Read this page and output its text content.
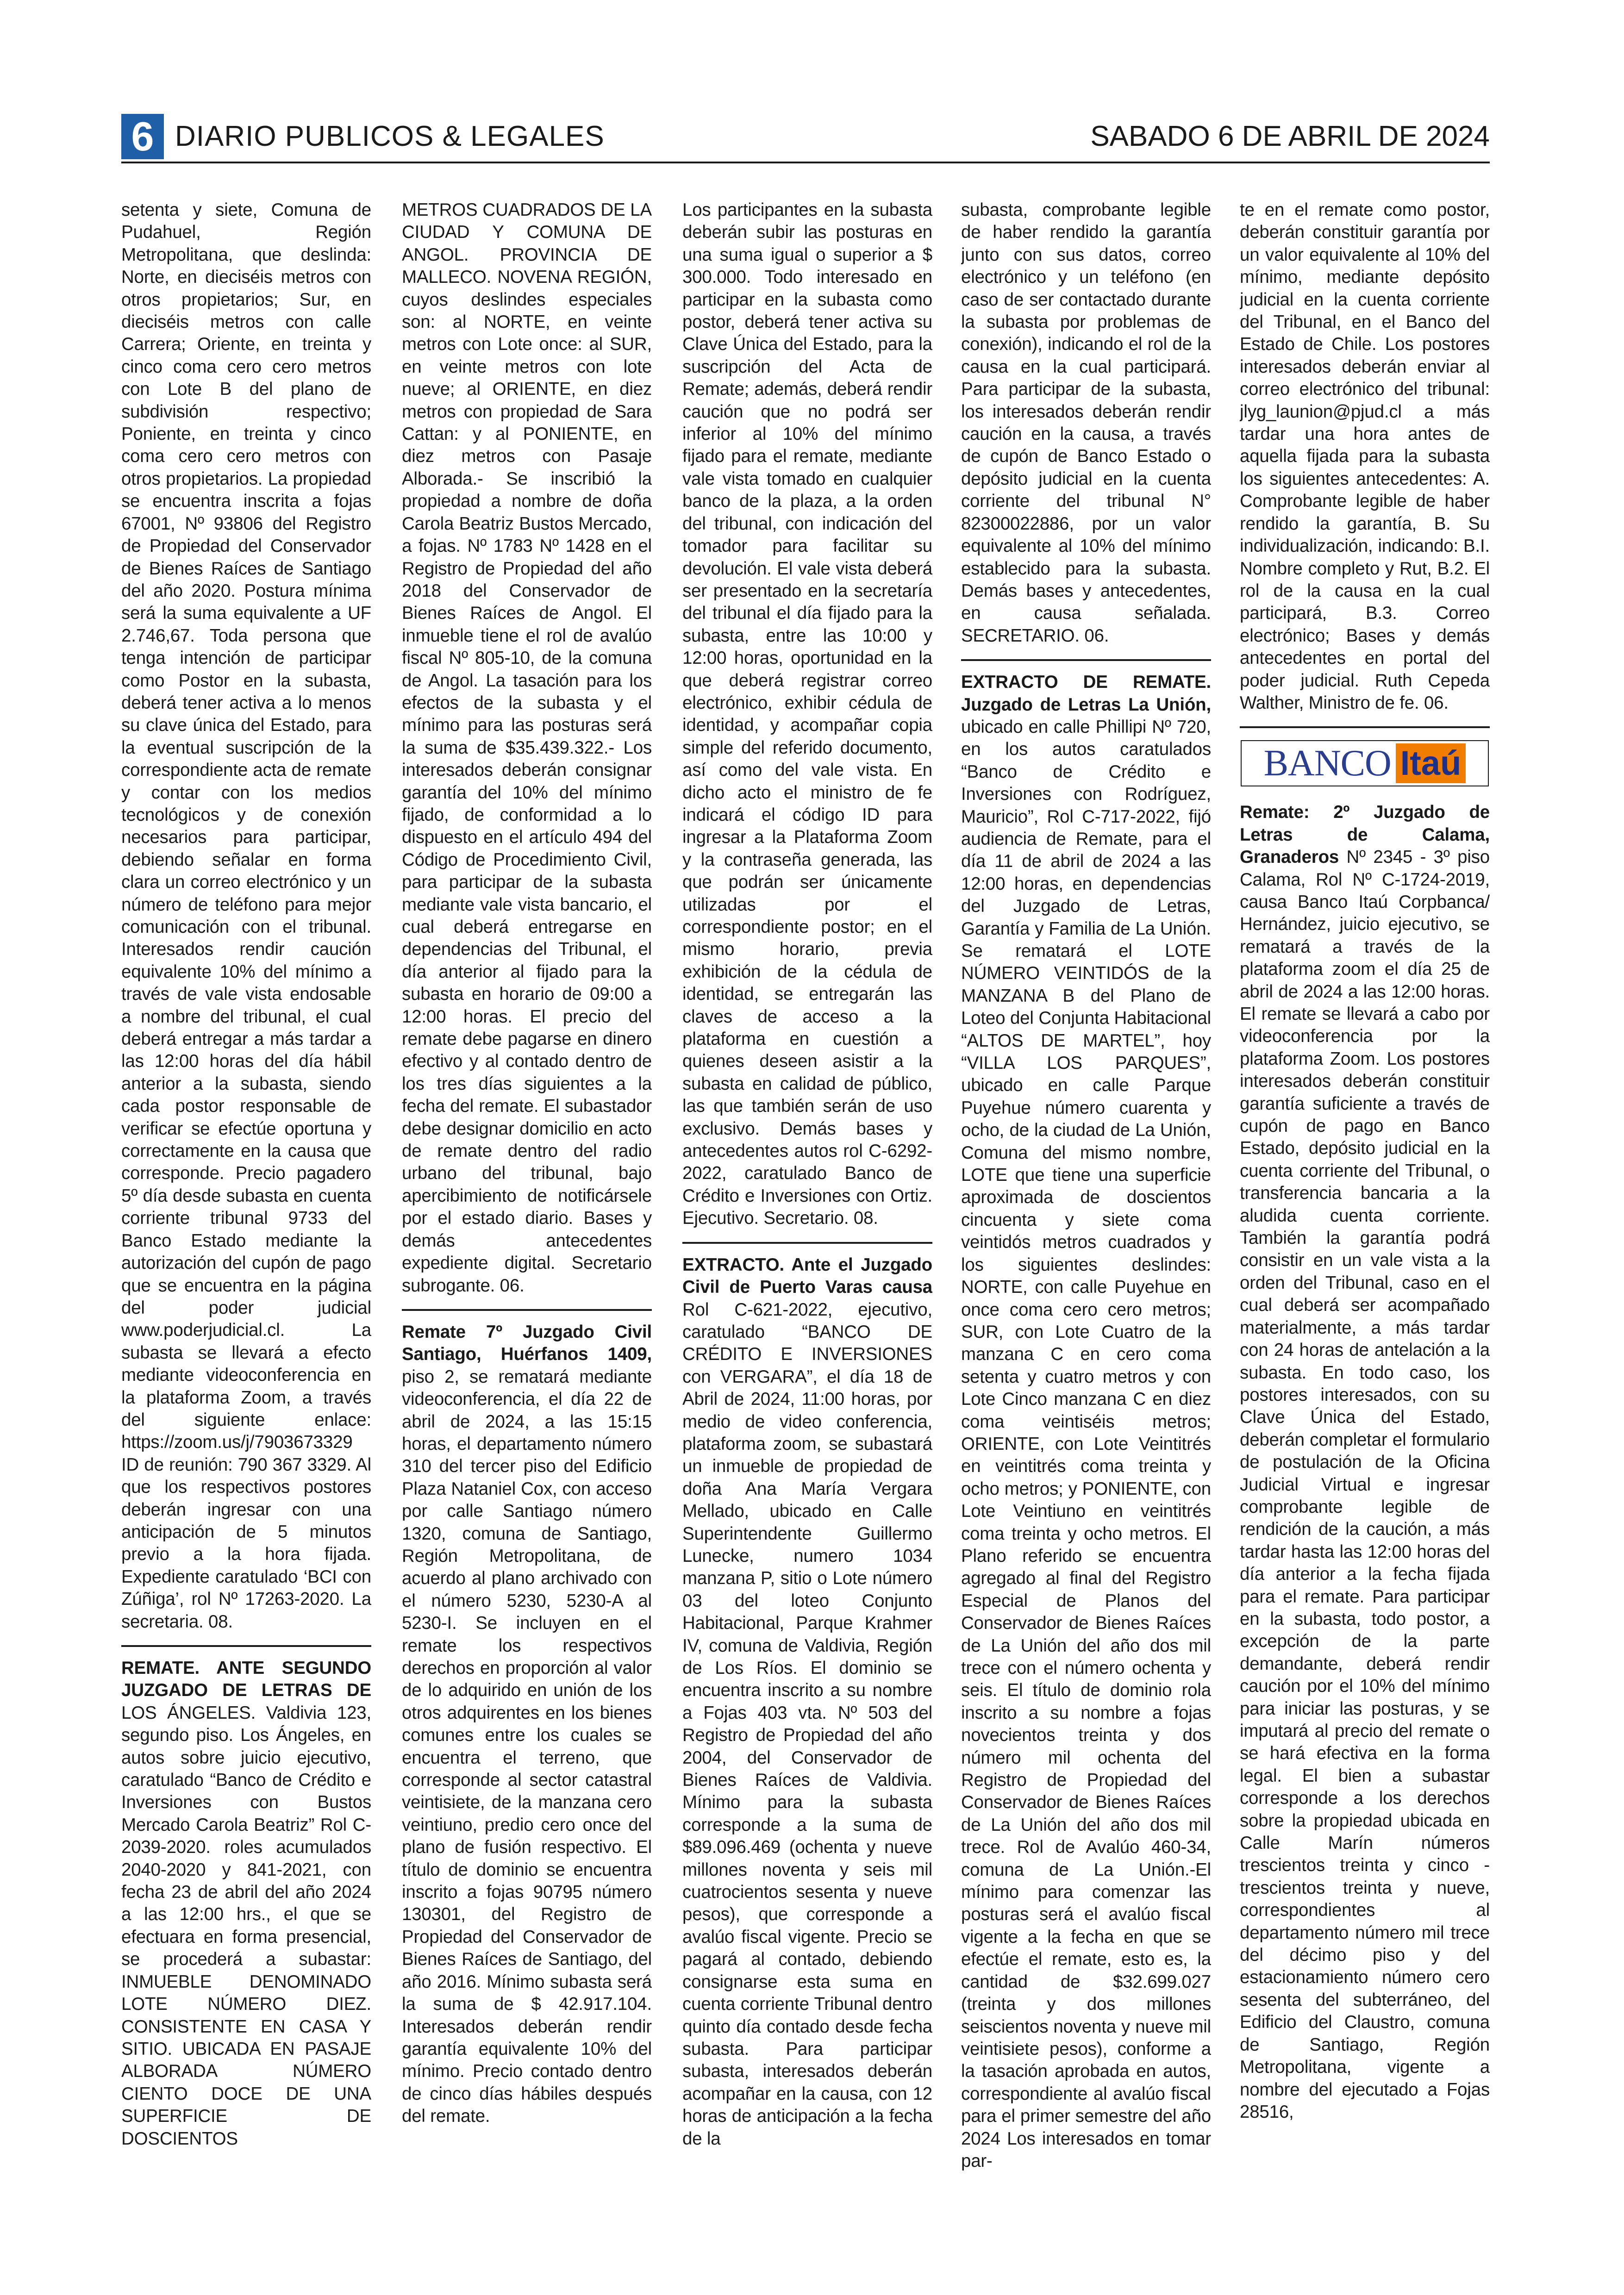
6 DIARIO PUBLICOS & LEGALES	SABADO 6 DE ABRIL DE 2024

setenta y siete, Comuna de Pudahuel, Región Metropolitana, que deslinda: Norte, en dieciséis metros con otros propietarios; Sur, en dieciséis metros con calle Carrera; Oriente, en treinta y cinco coma cero cero metros con Lote B del plano de subdivisión respectivo; Poniente, en treinta y cinco coma cero cero metros con otros propietarios. La propiedad se encuentra inscrita a fojas 67001, Nº 93806 del Registro de Propiedad del Conservador de Bienes Raíces de Santiago del año 2020. Postura mínima será la suma equivalente a UF 2.746,67. Toda persona que tenga intención de participar como Postor en la subasta, deberá tener activa a lo menos su clave única del Estado, para la eventual suscripción de la correspondiente acta de remate y contar con los medios tecnológicos y de conexión necesarios para participar, debiendo señalar en forma clara un correo electrónico y un número de teléfono para mejor comunicación con el tribunal. Interesados rendir caución equivalente 10% del mínimo a través de vale vista endosable a nombre del tribunal, el cual deberá entregar a más tardar a las 12:00 horas del día hábil anterior a la subasta, siendo cada postor responsable de verificar se efectúe oportuna y correctamente en la causa que corresponde. Precio pagadero 5º día desde subasta en cuenta corriente tribunal 9733 del Banco Estado mediante la autorización del cupón de pago que se encuentra en la página del poder judicial www.poderjudicial.cl. La subasta se llevará a efecto mediante videoconferencia en la plataforma Zoom, a través del siguiente enlace: https://zoom.us/j/7903673329 ID de reunión: 790 367 3329. Al que los respectivos postores deberán ingresar con una anticipación de 5 minutos previo a la hora fijada. Expediente caratulado ‘BCI con Zúñiga’, rol Nº 17263-2020. La secretaria. 08.

REMATE. ANTE SEGUNDO JUZGADO DE LETRAS DE LOS ÁNGELES. Valdivia 123, segundo piso. Los Ángeles, en autos sobre juicio ejecutivo, caratulado “Banco de Crédito e Inversiones con Bustos Mercado Carola Beatriz” Rol C-2039-2020. roles acumulados 2040-2020 y 841-2021, con fecha 23 de abril del año 2024 a las 12:00 hrs., el que se efectuara en forma presencial, se procederá a subastar: INMUEBLE DENOMINADO LOTE NÚMERO DIEZ. CONSISTENTE EN CASA Y SITIO. UBICADA EN PASAJE ALBORADA NÚMERO CIENTO DOCE DE UNA SUPERFICIE DE DOSCIENTOS

METROS CUADRADOS DE LA CIUDAD Y COMUNA DE ANGOL. PROVINCIA DE MALLECO. NOVENA REGIÓN, cuyos deslindes especiales son: al NORTE, en veinte metros con Lote once: al SUR, en veinte metros con lote nueve; al ORIENTE, en diez metros con propiedad de Sara Cattan: y al PONIENTE, en diez metros con Pasaje Alborada.- Se inscribió la propiedad a nombre de doña Carola Beatriz Bustos Mercado, a fojas. Nº 1783 Nº 1428 en el Registro de Propiedad del año 2018 del Conservador de Bienes Raíces de Angol. El inmueble tiene el rol de avalúo fiscal Nº 805-10, de la comuna de Angol. La tasación para los efectos de la subasta y el mínimo para las posturas será la suma de $35.439.322.- Los interesados deberán consignar garantía del 10% del mínimo fijado, de conformidad a lo dispuesto en el artículo 494 del Código de Procedimiento Civil, para participar de la subasta mediante vale vista bancario, el cual deberá entregarse en dependencias del Tribunal, el día anterior al fijado para la subasta en horario de 09:00 a 12:00 horas. El precio del remate debe pagarse en dinero efectivo y al contado dentro de los tres días siguientes a la fecha del remate. El subastador debe designar domicilio en acto de remate dentro del radio urbano del tribunal, bajo apercibimiento de notificársele por el estado diario. Bases y demás antecedentes expediente digital. Secretario subrogante. 06.

Remate 7º Juzgado Civil Santiago, Huérfanos 1409, piso 2, se rematará mediante videoconferencia, el día 22 de abril de 2024, a las 15:15 horas, el departamento número 310 del tercer piso del Edificio Plaza Nataniel Cox, con acceso por calle Santiago número 1320, comuna de Santiago, Región Metropolitana, de acuerdo al plano archivado con el número 5230, 5230-A al 5230-I. Se incluyen en el remate los respectivos derechos en proporción al valor de lo adquirido en unión de los otros adquirentes en los bienes comunes entre los cuales se encuentra el terreno, que corresponde al sector catastral veintisiete, de la manzana cero veintiuno, predio cero once del plano de fusión respectivo. El título de dominio se encuentra inscrito a fojas 90795 número 130301, del Registro de Propiedad del Conservador de Bienes Raíces de Santiago, del año 2016. Mínimo subasta será la suma de $ 42.917.104. Interesados deberán rendir garantía equivalente 10% del mínimo. Precio contado dentro de cinco días hábiles después del remate.

Los participantes en la subasta deberán subir las posturas en una suma igual o superior a $ 300.000. Todo interesado en participar en la subasta como postor, deberá tener activa su Clave Única del Estado, para la suscripción del Acta de Remate; además, deberá rendir caución que no podrá ser inferior al 10% del mínimo fijado para el remate, mediante vale vista tomado en cualquier banco de la plaza, a la orden del tribunal, con indicación del tomador para facilitar su devolución. El vale vista deberá ser presentado en la secretaría del tribunal el día fijado para la subasta, entre las 10:00 y 12:00 horas, oportunidad en la que deberá registrar correo electrónico, exhibir cédula de identidad, y acompañar copia simple del referido documento, así como del vale vista. En dicho acto el ministro de fe indicará el código ID para ingresar a la Plataforma Zoom y la contraseña generada, las que podrán ser únicamente utilizadas por el correspondiente postor; en el mismo horario, previa exhibición de la cédula de identidad, se entregarán las claves de acceso a la plataforma en cuestión a quienes deseen asistir a la subasta en calidad de público, las que también serán de uso exclusivo. Demás bases y antecedentes autos rol C-6292-2022, caratulado Banco de Crédito e Inversiones con Ortiz. Ejecutivo. Secretario. 08.

EXTRACTO. Ante el Juzgado Civil de Puerto Varas causa Rol C-621-2022, ejecutivo, caratulado “BANCO DE CRÉDITO E INVERSIONES con VERGARA”, el día 18 de Abril de 2024, 11:00 horas, por medio de video conferencia, plataforma zoom, se subastará un inmueble de propiedad de doña Ana María Vergara Mellado, ubicado en Calle Superintendente Guillermo Lunecke, numero 1034 manzana P, sitio o Lote número 03 del loteo Conjunto Habitacional, Parque Krahmer IV, comuna de Valdivia, Región de Los Ríos. El dominio se encuentra inscrito a su nombre a Fojas 403 vta. Nº 503 del Registro de Propiedad del año 2004, del Conservador de Bienes Raíces de Valdivia. Mínimo para la subasta corresponde a la suma de $89.096.469 (ochenta y nueve millones noventa y seis mil cuatrocientos sesenta y nueve pesos), que corresponde a avalúo fiscal vigente. Precio se pagará al contado, debiendo consignarse esta suma en cuenta corriente Tribunal dentro quinto día contado desde fecha subasta. Para participar subasta, interesados deberán acompañar en la causa, con 12 horas de anticipación a la fecha de la

subasta, comprobante legible de haber rendido la garantía junto con sus datos, correo electrónico y un teléfono (en caso de ser contactado durante la subasta por problemas de conexión), indicando el rol de la causa en la cual participará. Para participar de la subasta, los interesados deberán rendir caución en la causa, a través de cupón de Banco Estado o depósito judicial en la cuenta corriente del tribunal N° 82300022886, por un valor equivalente al 10% del mínimo establecido para la subasta. Demás bases y antecedentes, en causa señalada. SECRETARIO. 06.

EXTRACTO DE REMATE. Juzgado de Letras La Unión, ubicado en calle Phillipi Nº 720, en los autos caratulados “Banco de Crédito e Inversiones con Rodríguez, Mauricio”, Rol C-717-2022, fijó audiencia de Remate, para el día 11 de abril de 2024 a las 12:00 horas, en dependencias del Juzgado de Letras, Garantía y Familia de La Unión. Se rematará el LOTE NÚMERO VEINTIDÓS de la MANZANA B del Plano de Loteo del Conjunta Habitacional “ALTOS DE MARTEL”, hoy “VILLA LOS PARQUES”, ubicado en calle Parque Puyehue número cuarenta y ocho, de la ciudad de La Unión, Comuna del mismo nombre, LOTE que tiene una superficie aproximada de doscientos cincuenta y siete coma veintidós metros cuadrados y los siguientes deslindes: NORTE, con calle Puyehue en once coma cero cero metros; SUR, con Lote Cuatro de la manzana C en cero coma setenta y cuatro metros y con Lote Cinco manzana C en diez coma veintiséis metros; ORIENTE, con Lote Veintitrés en veintitrés coma treinta y ocho metros; y PONIENTE, con Lote Veintiuno en veintitrés coma treinta y ocho metros. El Plano referido se encuentra agregado al final del Registro Especial de Planos del Conservador de Bienes Raíces de La Unión del año dos mil trece con el número ochenta y seis. El título de dominio rola inscrito a su nombre a fojas novecientos treinta y dos número mil ochenta del Registro de Propiedad del Conservador de Bienes Raíces de La Unión del año dos mil trece. Rol de Avalúo 460-34, comuna de La Unión.-El mínimo para comenzar las posturas será el avalúo fiscal vigente a la fecha en que se efectúe el remate, esto es, la cantidad de $32.699.027 (treinta y dos millones seiscientos noventa y nueve mil veintisiete pesos), conforme a la tasación aprobada en autos, correspondiente al avalúo fiscal para el primer semestre del año 2024 Los interesados en tomar par-

te en el remate como postor, deberán constituir garantía por un valor equivalente al 10% del mínimo, mediante depósito judicial en la cuenta corriente del Tribunal, en el Banco del Estado de Chile. Los postores interesados deberán enviar al correo electrónico del tribunal: jlyg_launion@pjud.cl a más tardar una hora antes de aquella fijada para la subasta los siguientes antecedentes: A. Comprobante legible de haber rendido la garantía, B. Su individualización, indicando: B.I. Nombre completo y Rut, B.2. El rol de la causa en la cual participará, B.3. Correo electrónico; Bases y demás antecedentes en portal del poder judicial. Ruth Cepeda Walther, Ministro de fe. 06.

BANCO Itaú

Remate: 2º Juzgado de Letras de Calama, Granaderos Nº 2345 - 3º piso Calama, Rol Nº C-1724-2019, causa Banco Itaú Corpbanca/ Hernández, juicio ejecutivo, se rematará a través de la plataforma zoom el día 25 de abril de 2024 a las 12:00 horas. El remate se llevará a cabo por videoconferencia por la plataforma Zoom. Los postores interesados deberán constituir garantía suficiente a través de cupón de pago en Banco Estado, depósito judicial en la cuenta corriente del Tribunal, o transferencia bancaria a la aludida cuenta corriente. También la garantía podrá consistir en un vale vista a la orden del Tribunal, caso en el cual deberá ser acompañado materialmente, a más tardar con 24 horas de antelación a la subasta. En todo caso, los postores interesados, con su Clave Única del Estado, deberán completar el formulario de postulación de la Oficina Judicial Virtual e ingresar comprobante legible de rendición de la caución, a más tardar hasta las 12:00 horas del día anterior a la fecha fijada para el remate. Para participar en la subasta, todo postor, a excepción de la parte demandante, deberá rendir caución por el 10% del mínimo para iniciar las posturas, y se imputará al precio del remate o se hará efectiva en la forma legal. El bien a subastar corresponde a los derechos sobre la propiedad ubicada en Calle Marín números trescientos treinta y cinco - trescientos treinta y nueve, correspondientes al departamento número mil trece del décimo piso y del estacionamiento número cero sesenta del subterráneo, del Edificio del Claustro, comuna de Santiago, Región Metropolitana, vigente a nombre del ejecutado a Fojas 28516,
